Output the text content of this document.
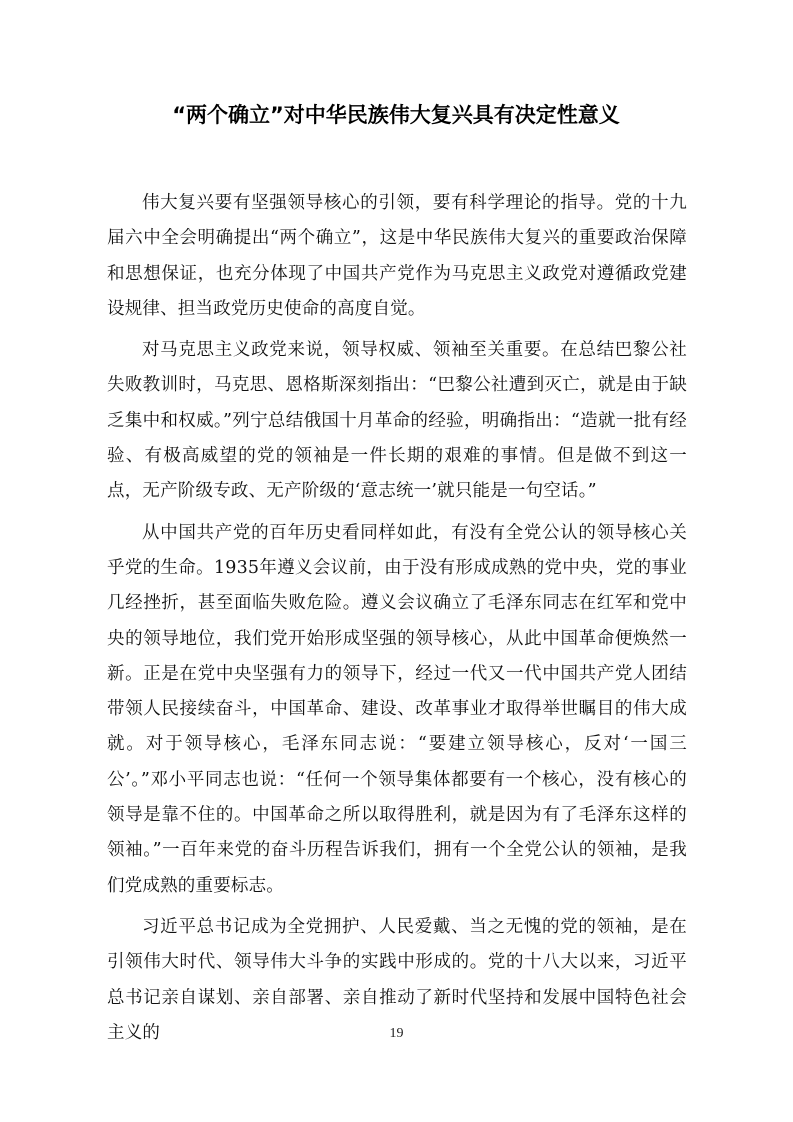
“两个确立”对中华民族伟大复兴具有决定性意义

伟大复兴要有坚强领导核心的引领，要有科学理论的指导。党的十九届六中全会明确提出“两个确立”，这是中华民族伟大复兴的重要政治保障和思想保证，也充分体现了中国共产党作为马克思主义政党对遵循政党建设规律、担当政党历史使命的高度自觉。

对马克思主义政党来说，领导权威、领袖至关重要。在总结巴黎公社失败教训时，马克思、恩格斯深刻指出：“巴黎公社遭到灭亡，就是由于缺乏集中和权威。”列宁总结俄国十月革命的经验，明确指出：“造就一批有经验、有极高威望的党的领袖是一件长期的艰难的事情。但是做不到这一点，无产阶级专政、无产阶级的‘意志统一’就只能是一句空话。”

从中国共产党的百年历史看同样如此，有没有全党公认的领导核心关乎党的生命。1935年遵义会议前，由于没有形成成熟的党中央，党的事业几经挫折，甚至面临失败危险。遵义会议确立了毛泽东同志在红军和党中央的领导地位，我们党开始形成坚强的领导核心，从此中国革命便焕然一新。正是在党中央坚强有力的领导下，经过一代又一代中国共产党人团结带领人民接续奋斗，中国革命、建设、改革事业才取得举世瞩目的伟大成就。对于领导核心，毛泽东同志说：“要建立领导核心，反对‘一国三公’。”邓小平同志也说：“任何一个领导集体都要有一个核心，没有核心的领导是靠不住的。中国革命之所以取得胜利，就是因为有了毛泽东这样的领袖。”一百年来党的奋斗历程告诉我们，拥有一个全党公认的领袖，是我们党成熟的重要标志。

习近平总书记成为全党拥护、人民爱戴、当之无愧的党的领袖，是在引领伟大时代、领导伟大斗争的实践中形成的。党的十八大以来，习近平总书记亲自谋划、亲自部署、亲自推动了新时代坚持和发展中国特色社会主义的	19
